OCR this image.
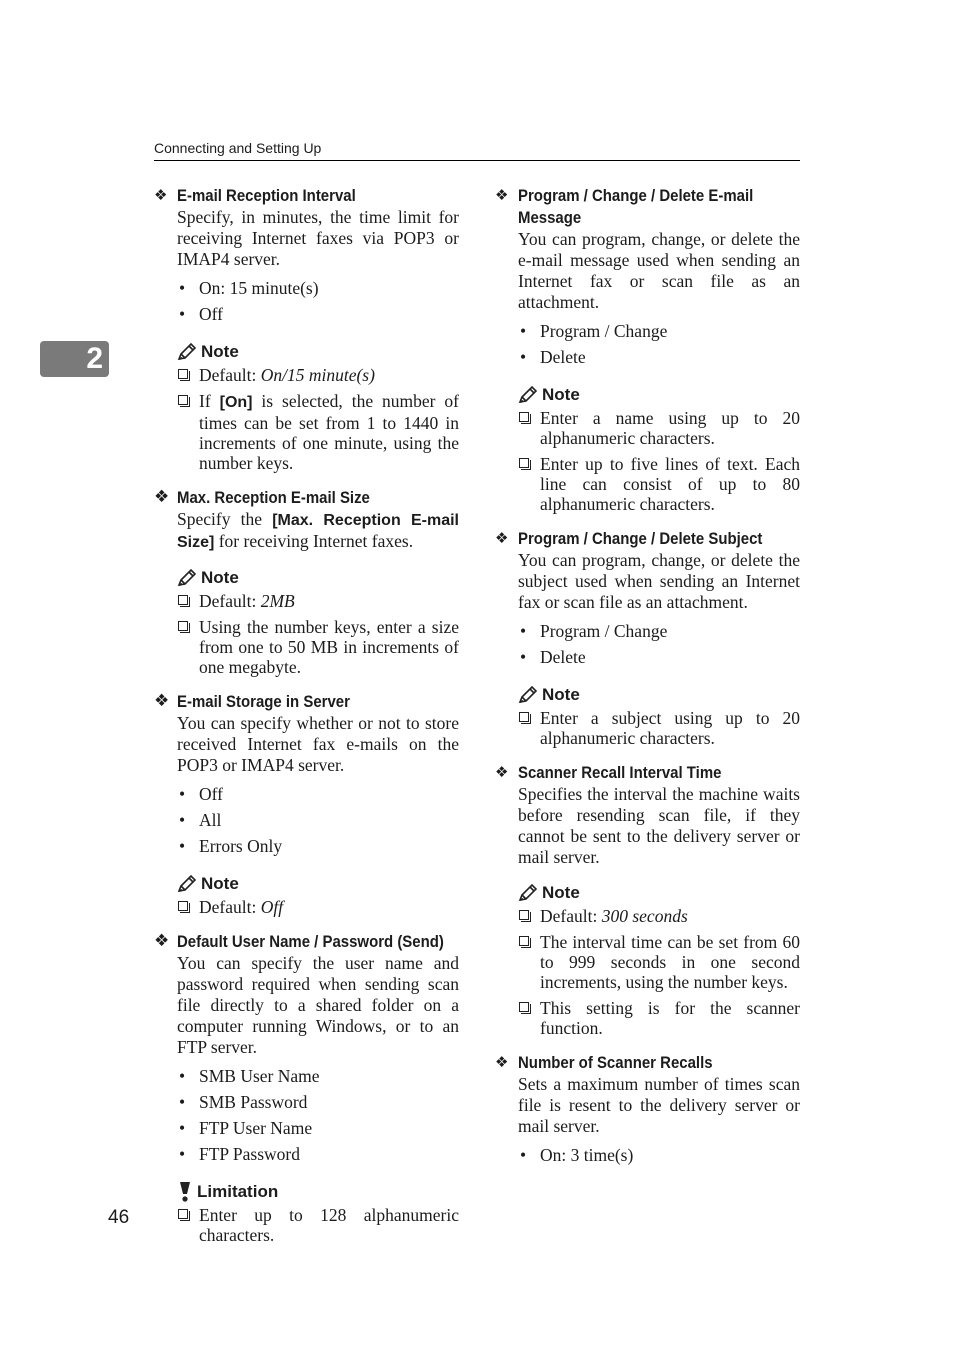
Connecting and Setting Up
2
46
❖ E-mail Reception Interval

Specify, in minutes, the time limit for receiving Internet faxes via POP3 or IMAP4 server.

• On: 15 minute(s)
• Off
Note
Default: On/15 minute(s)
If [On] is selected, the number of times can be set from 1 to 1440 in increments of one minute, using the number keys.
❖ Max. Reception E-mail Size

Specify the [Max. Reception E-mail Size] for receiving Internet faxes.

Note
Default: 2MB
Using the number keys, enter a size from one to 50 MB in increments of one megabyte.
❖ E-mail Storage in Server

You can specify whether or not to store received Internet fax e-mails on the POP3 or IMAP4 server.

• Off
• All
• Errors Only
Note
Default: Off
❖ Default User Name / Password (Send)

You can specify the user name and password required when sending scan file directly to a shared folder on a computer running Windows, or to an FTP server.

• SMB User Name
• SMB Password
• FTP User Name
• FTP Password
Limitation
Enter up to 128 alphanumeric characters.
❖ Program / Change / Delete E-mail Message

You can program, change, or delete the e-mail message used when sending an Internet fax or scan file as an attachment.

• Program / Change
• Delete
Note
Enter a name using up to 20 alphanumeric characters.
Enter up to five lines of text. Each line can consist of up to 80 alphanumeric characters.
❖ Program / Change / Delete Subject

You can program, change, or delete the subject used when sending an Internet fax or scan file as an attachment.

• Program / Change
• Delete
Note
Enter a subject using up to 20 alphanumeric characters.
❖ Scanner Recall Interval Time

Specifies the interval the machine waits before resending scan file, if they cannot be sent to the delivery server or mail server.

Note
Default: 300 seconds
The interval time can be set from 60 to 999 seconds in one second increments, using the number keys.
This setting is for the scanner function.
❖ Number of Scanner Recalls

Sets a maximum number of times scan file is resent to the delivery server or mail server.

• On: 3 time(s)
